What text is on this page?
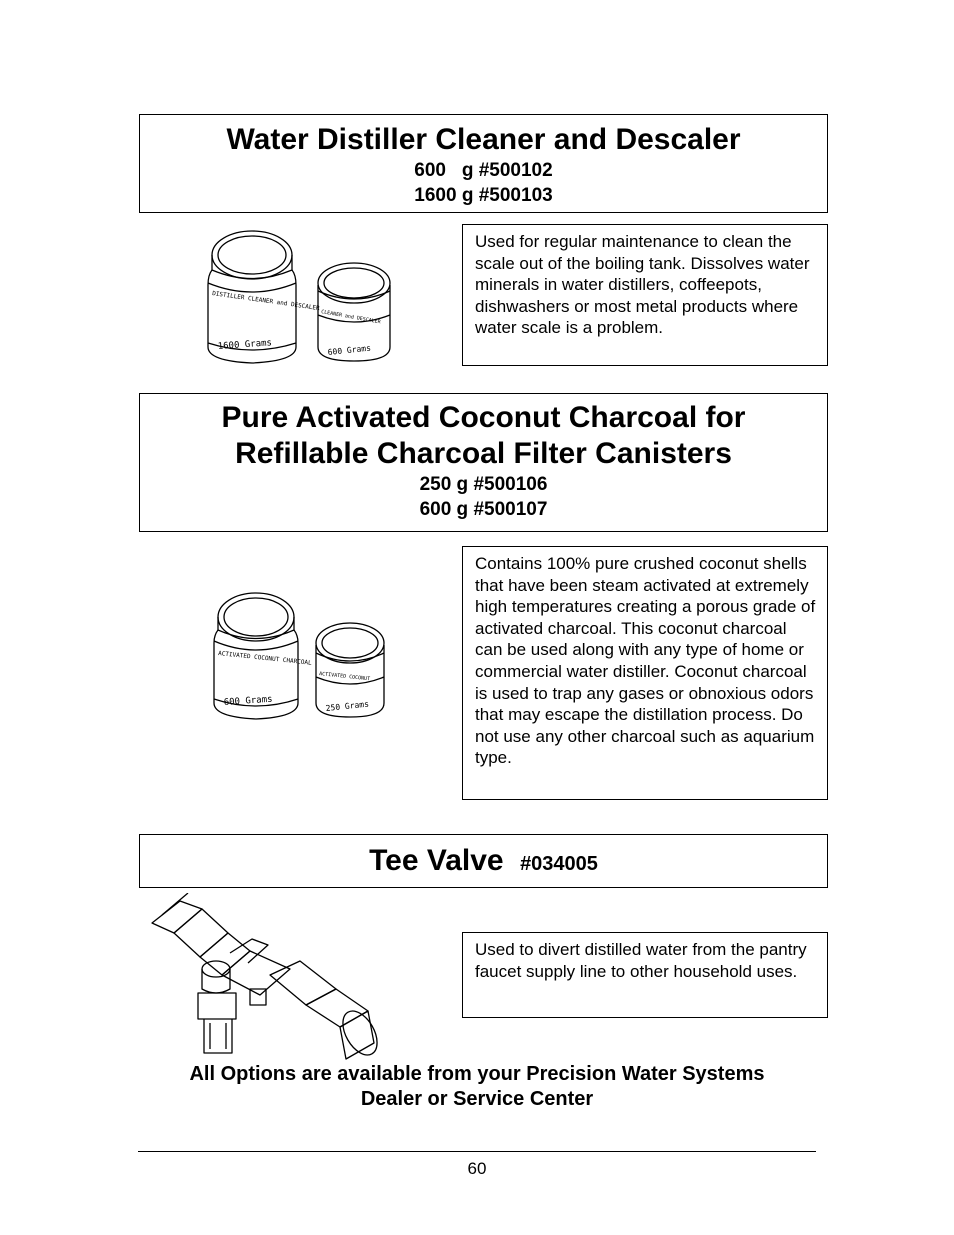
Water Distiller Cleaner and Descaler
600   g #500102
1600 g #500103
DISTILLER CLEANER and DESCALER
1600 Grams
CLEANER and DESCALER
600 Grams
Used for regular maintenance to clean the scale out of the boiling tank. Dissolves water minerals in water distillers, coffeepots, dishwashers or most metal products where water scale is a problem.
Pure Activated Coconut Charcoal for
Refillable Charcoal Filter Canisters
250 g #500106
600 g #500107
ACTIVATED COCONUT CHARCOAL
600 Grams
ACTIVATED COCONUT
250 Grams
Contains 100% pure crushed coconut shells that have been steam activated at extremely high temperatures creating a porous grade of activated charcoal. This coconut charcoal can be used along with any type of home or commercial water distiller. Coconut charcoal is used to trap any gases or obnoxious odors that may escape the distillation process. Do not use any other charcoal such as aquarium type.
Tee Valve #034005
Used to divert distilled water from the pantry faucet supply line to other household uses.
All Options are available from your Precision Water Systems
Dealer or Service Center
60
